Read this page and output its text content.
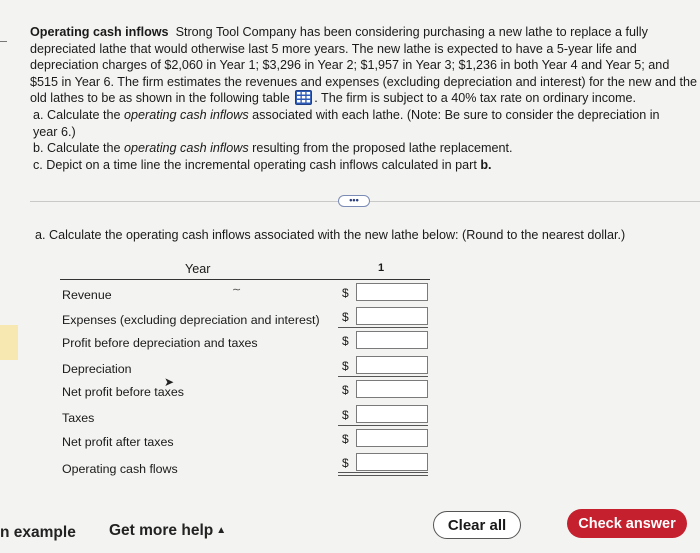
Operating cash inflows Strong Tool Company has been considering purchasing a new lathe to replace a fully
depreciated lathe that would otherwise last 5 more years. The new lathe is expected to have a 5-year life and
depreciation charges of $2,060 in Year 1; $3,296 in Year 2; $1,957 in Year 3; $1,236 in both Year 4 and Year 5; and
$515 in Year 6. The firm estimates the revenues and expenses (excluding depreciation and interest) for the new and the
old lathes to be as shown in the following table . The firm is subject to a 40% tax rate on ordinary income.
a. Calculate the operating cash inflows associated with each lathe. (Note: Be sure to consider the depreciation in
year 6.)
b. Calculate the operating cash inflows resulting from the proposed lathe replacement.
c. Depict on a time line the incremental operating cash inflows calculated in part b.
•••
a. Calculate the operating cash inflows associated with the new lathe below: (Round to the nearest dollar.)
Year	1
∼
Revenue	$
Expenses (excluding depreciation and interest) $
Profit before depreciation and taxes	$
Depreciation	$
Net profit before taxes	$
➤
Taxes	$
Net profit after taxes	$
Operating cash flows	$
n example Get more help ▲	Clear all	Check answer
